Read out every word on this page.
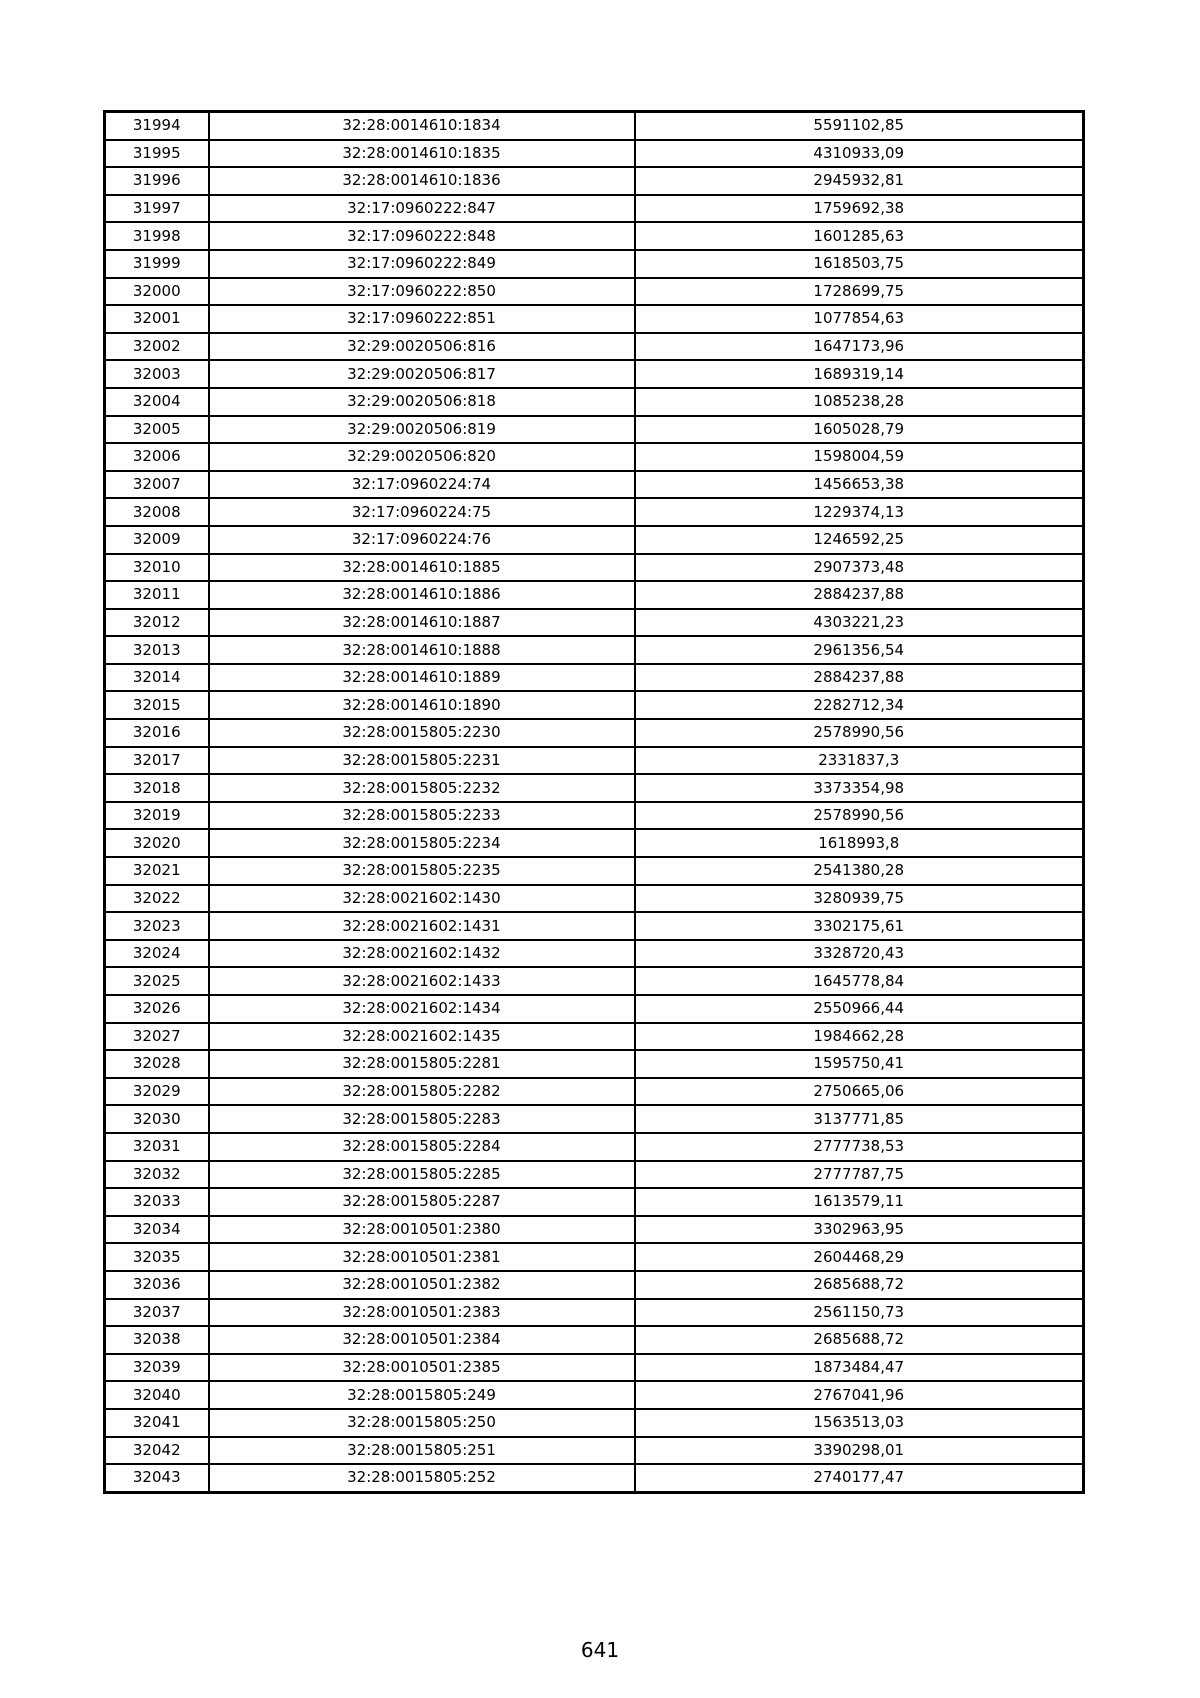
31994	32:28:0014610:1834	5591102,85
31995	32:28:0014610:1835	4310933,09
31996	32:28:0014610:1836	2945932,81
31997	32:17:0960222:847	1759692,38
31998	32:17:0960222:848	1601285,63
31999	32:17:0960222:849	1618503,75
32000	32:17:0960222:850	1728699,75
32001	32:17:0960222:851	1077854,63
32002	32:29:0020506:816	1647173,96
32003	32:29:0020506:817	1689319,14
32004	32:29:0020506:818	1085238,28
32005	32:29:0020506:819	1605028,79
32006	32:29:0020506:820	1598004,59
32007	32:17:0960224:74	1456653,38
32008	32:17:0960224:75	1229374,13
32009	32:17:0960224:76	1246592,25
32010	32:28:0014610:1885	2907373,48
32011	32:28:0014610:1886	2884237,88
32012	32:28:0014610:1887	4303221,23
32013	32:28:0014610:1888	2961356,54
32014	32:28:0014610:1889	2884237,88
32015	32:28:0014610:1890	2282712,34
32016	32:28:0015805:2230	2578990,56
32017	32:28:0015805:2231	2331837,3
32018	32:28:0015805:2232	3373354,98
32019	32:28:0015805:2233	2578990,56
32020	32:28:0015805:2234	1618993,8
32021	32:28:0015805:2235	2541380,28
32022	32:28:0021602:1430	3280939,75
32023	32:28:0021602:1431	3302175,61
32024	32:28:0021602:1432	3328720,43
32025	32:28:0021602:1433	1645778,84
32026	32:28:0021602:1434	2550966,44
32027	32:28:0021602:1435	1984662,28
32028	32:28:0015805:2281	1595750,41
32029	32:28:0015805:2282	2750665,06
32030	32:28:0015805:2283	3137771,85
32031	32:28:0015805:2284	2777738,53
32032	32:28:0015805:2285	2777787,75
32033	32:28:0015805:2287	1613579,11
32034	32:28:0010501:2380	3302963,95
32035	32:28:0010501:2381	2604468,29
32036	32:28:0010501:2382	2685688,72
32037	32:28:0010501:2383	2561150,73
32038	32:28:0010501:2384	2685688,72
32039	32:28:0010501:2385	1873484,47
32040	32:28:0015805:249	2767041,96
32041	32:28:0015805:250	1563513,03
32042	32:28:0015805:251	3390298,01
32043	32:28:0015805:252	2740177,47
641
